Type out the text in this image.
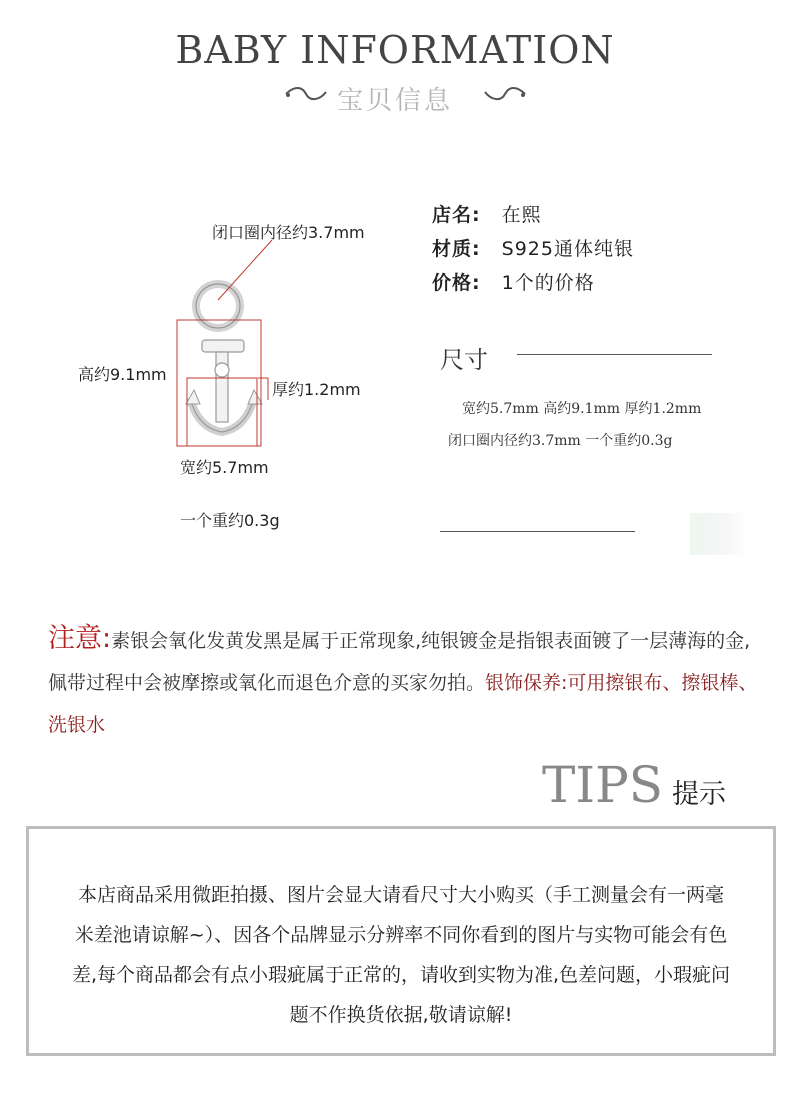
BABY INFORMATION
宝贝信息
闭口圈内径约3.7mm
高约9.1mm
厚约1.2mm
宽约5.7mm
一个重约0.3g
店名: 在熙
材质: S925通体纯银
价格: 1个的价格
尺寸
宽约5.7mm 高约9.1mm 厚约1.2mm 闭口圈内径约3.7mm 一个重约0.3g
注意:素银会氧化发黄发黑是属于正常现象,纯银镀金是指银表面镀了一层薄海的金,佩带过程中会被摩擦或氧化而退色介意的买家勿拍。银饰保养:可用擦银布、擦银棒、洗银水
TIPS 提示
本店商品采用微距拍摄、图片会显大请看尺寸大小购买（手工测量会有一两毫米差池请谅解~）、因各个品牌显示分辨率不同你看到的图片与实物可能会有色差,每个商品都会有点小瑕疵属于正常的，请收到实物为准,色差问题，小瑕疵问题不作换货依据,敬请谅解!
